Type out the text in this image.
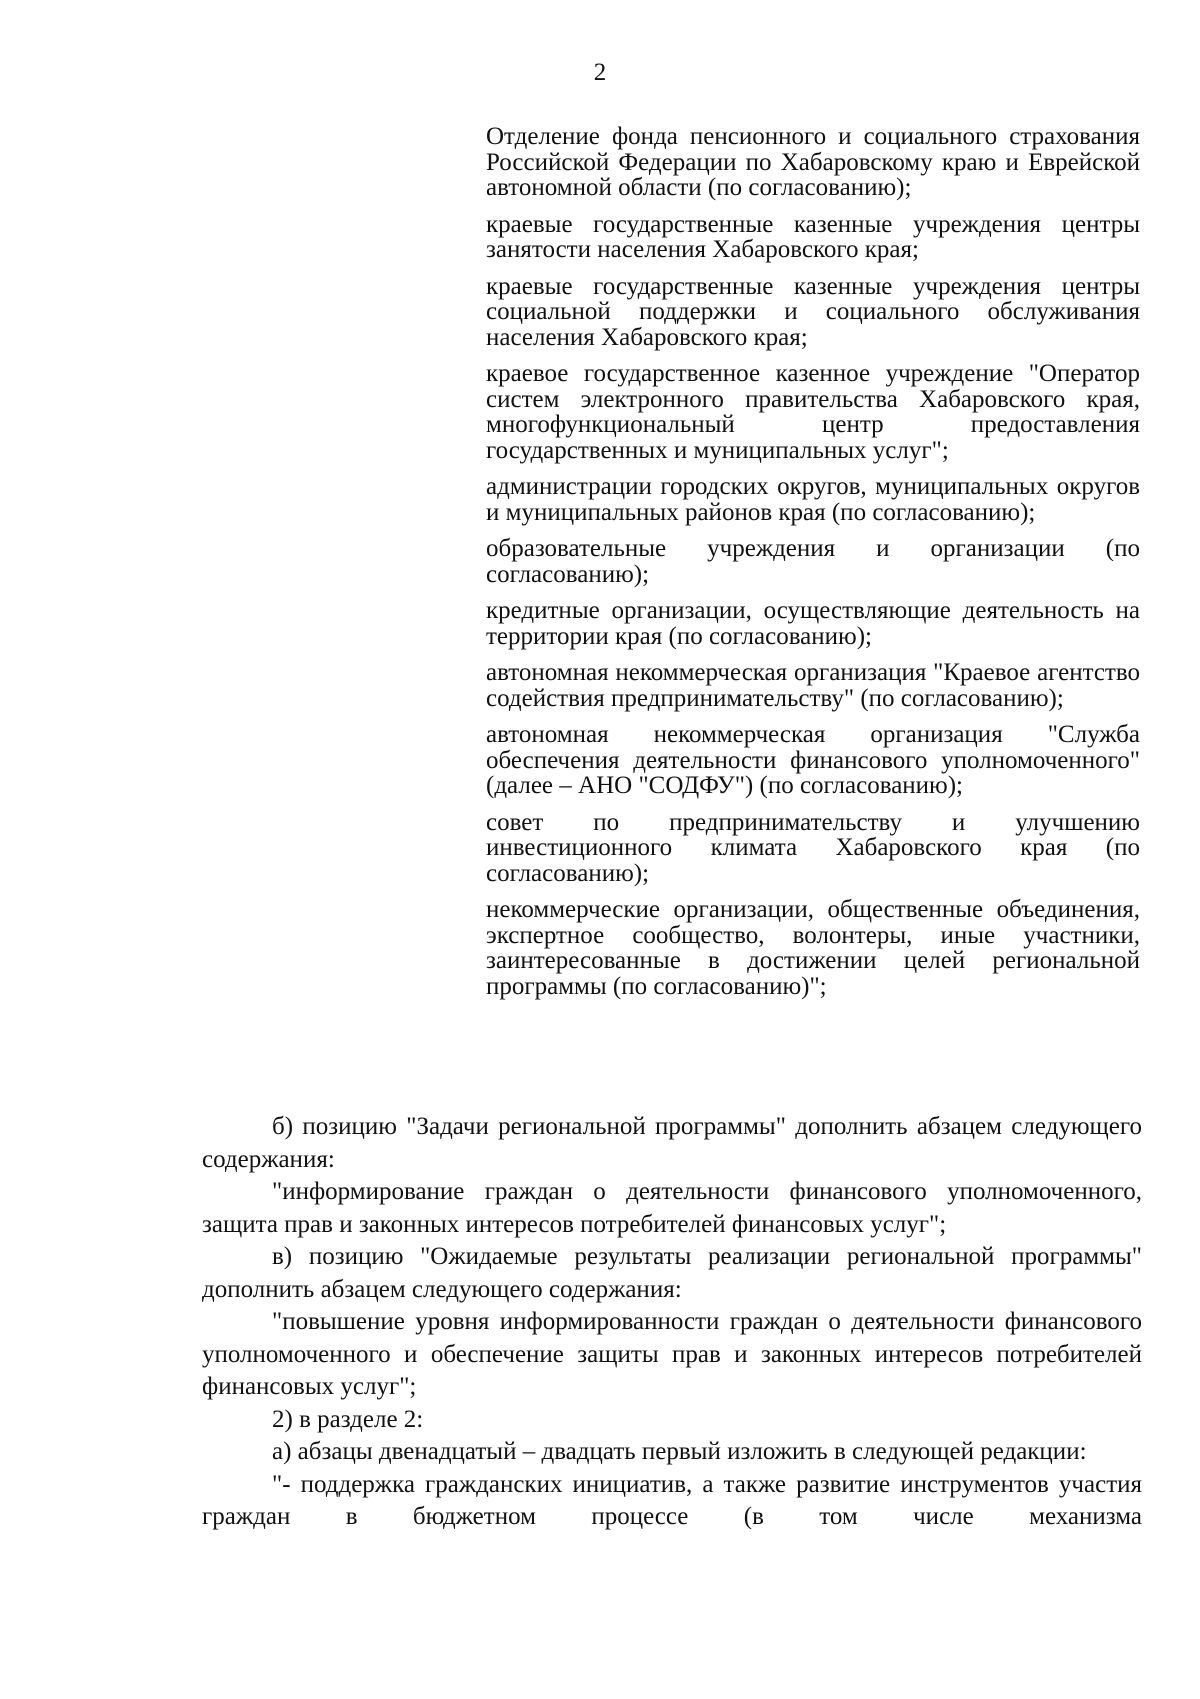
2

Отделение фонда пенсионного и социального страхования Российской Федерации по Хабаровскому краю и Еврейской автономной области (по согласованию);

краевые государственные казенные учреждения центры занятости населения Хабаровского края;

краевые государственные казенные учреждения центры социальной поддержки и социального обслуживания населения Хабаровского края;

краевое государственное казенное учреждение "Оператор систем электронного правительства Хабаровского края, многофункциональный центр предоставления государственных и муниципальных услуг";

администрации городских округов, муниципальных округов и муниципальных районов края (по согласованию);

образовательные учреждения и организации (по согласованию);

кредитные организации, осуществляющие деятельность на территории края (по согласованию);

автономная некоммерческая организация "Краевое агентство содействия предпринимательству" (по согласованию);

автономная некоммерческая организация "Служба обеспечения деятельности финансового уполномоченного" (далее – АНО "СОДФУ") (по согласованию);

совет по предпринимательству и улучшению инвестиционного климата Хабаровского края (по согласованию);

некоммерческие организации, общественные объединения, экспертное сообщество, волонтеры, иные участники, заинтересованные в достижении целей региональной программы (по согласованию)";

б) позицию "Задачи региональной программы" дополнить абзацем следующего содержания:

"информирование граждан о деятельности финансового уполномоченного, защита прав и законных интересов потребителей финансовых услуг";

в) позицию "Ожидаемые результаты реализации региональной программы" дополнить абзацем следующего содержания:

"повышение уровня информированности граждан о деятельности финансового уполномоченного и обеспечение защиты прав и законных интересов потребителей финансовых услуг";

2) в разделе 2:

а) абзацы двенадцатый – двадцать первый изложить в следующей редакции:

"- поддержка гражданских инициатив, а также развитие инструментов участия граждан в бюджетном процессе (в том числе механизма
